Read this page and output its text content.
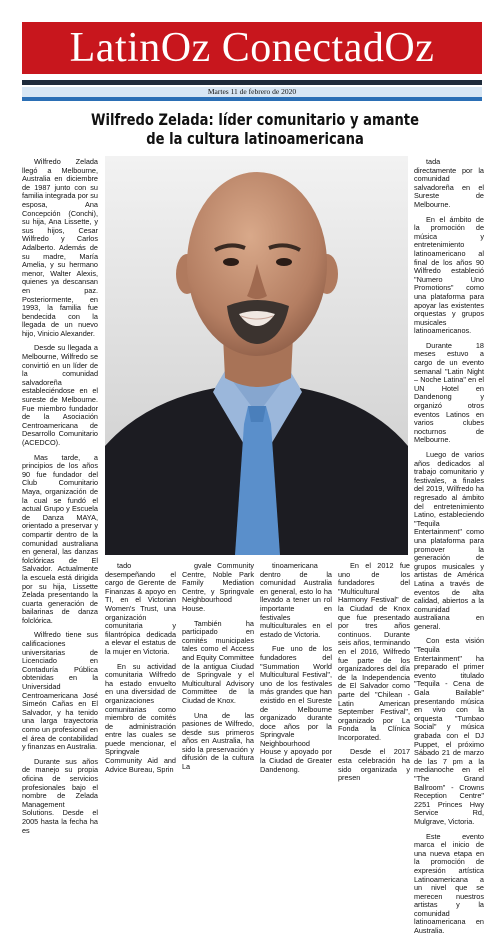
LatinOz ConectadOz
Martes 11 de febrero de 2020
Wilfredo Zelada: líder comunitario y amante
de la cultura latinoamericana

Wilfredo Zelada llegó a Melbourne, Australia en diciembre de 1987 junto con su familia integrada por su esposa, Ana Concepción (Conchi), su hija, Ana Lissette, y sus hijos, Cesar Wilfredo y Carlos Adalberto. Además de su madre, María Amelia, y su hermano menor, Walter Alexis, quienes ya descansan en paz. Posteriormente, en 1993, la familia fue bendecida con la llegada de un nuevo hijo, Vinicio Alexander.

Desde su llegada a Melbourne, Wilfredo se convirtió en un líder de la comunidad salvadoreña estableciéndose en el sureste de Melbourne. Fue miembro fundador de la Asociación Centroamericana de Desarrollo Comunitario (ACEDCO).

Mas tarde, a principios de los años 90 fue fundador del Club Comunitario Maya, organización de la cual se fundó el actual Grupo y Escuela de Danza MAYA, orientado a preservar y compartir dentro de la comunidad australiana en general, las danzas folclóricas de El Salvador. Actualmente la escuela está dirigida por su hija, Lissette Zelada presentando la cuarta generación de bailarinas de danza folclórica.

Wilfredo tiene sus calificaciones universitarias de Licenciado en Contaduría Pública obtenidas en la Universidad Centroamericana José Simeón Cañas en El Salvador, y ha tenido una larga trayectoria como un profesional en el área de contabilidad y finanzas en Australia.

Durante sus años de manejo su propia oficina de servicios profesionales bajo el nombre de Zelada Management Solutions. Desde el 2005 hasta la fecha ha es

tado desempeñando el cargo de Gerente de Finanzas & apoyo en TI, en el Victorian Women's Trust, una organización comunitaria y filantrópica dedicada a elevar el estatus de la mujer en Victoria.

En su actividad comunitaria Wilfredo ha estado envuelto en una diversidad de organizaciones comunitarias como miembro de comités de administración entre las cuales se puede mencionar, el Springvale Community Aid and Advice Bureau, Sprin

gvale Community Centre, Noble Park Family Mediation Centre, y Springvale Neighbourhood House.

También ha participado en comités municipales tales como el Access and Equity Committee de la antigua Ciudad de Springvale y el Multicultural Advisory Committee de la Ciudad de Knox.

Una de las pasiones de Wilfredo, desde sus primeros años en Australia, ha sido la preservación y difusión de la cultura La

tinoamericana dentro de la comunidad Australia en general, esto lo ha llevado a tener un rol importante en festivales multiculturales en el estado de Victoria.

Fue uno de los fundadores del "Summation World Multicultural Festival", uno de los festivales más grandes que han existido en el Sureste de Melbourne organizado durante doce años por la Springvale Neighbourhood House y apoyado por la Ciudad de Greater Dandenong.

En el 2012 fue uno de los fundadores del "Multicultural Harmony Festival" de la Ciudad de Knox que fue presentado por tres años continuos. Durante seis años, terminando en el 2016, Wilfredo fue parte de los organizadores del día de la Independencia de El Salvador como parte del "Chilean - Latin American September Festival", organizado por La Fonda la Clínica Incorporated.

Desde el 2017 esta celebración ha sido organizada y presen

tada directamente por la comunidad salvadoreña en el Sureste de Melbourne.

En el ámbito de la promoción de música y entretenimiento latinoamericano al final de los años 90 Wilfredo estableció "Numero Uno Promotions" como una plataforma para apoyar las existentes orquestas y grupos musicales latinoamericanos.

Durante 18 meses estuvo a cargo de un evento semanal "Latin Night – Noche Latina" en el UN Hotel en Dandenong y organizó otros eventos Latinos en varios clubes nocturnos de Melbourne.

Luego de varios años dedicados al trabajo comunitario y festivales, a finales del 2019, Wilfredo ha regresado al ámbito del entretenimiento Latino, estableciendo "Tequila Entertainment" como una plataforma para promover la generación de grupos musicales y artistas de América Latina a través de eventos de alta calidad, abiertos a la comunidad australiana en general.

Con esta visión "Tequila Entertainment" ha preparado el primer evento titulado "Tequila - Cena de Gala Bailable" presentando música en vivo con la orquesta "Tumbao Social" y música grabada con el DJ Puppet, el próximo Sábado 21 de marzo de las 7 pm a la medianoche en el "The Grand Ballroom" - Crowns Reception Centre" 2251 Princes Hwy Service Rd, Mulgrave, Victoria.

Este evento marca el inicio de una nueva etapa en la promoción de expresión artística Latinoamericana a un nivel que se merecen nuestros artistas y la comunidad latinoamericana en Australia.
